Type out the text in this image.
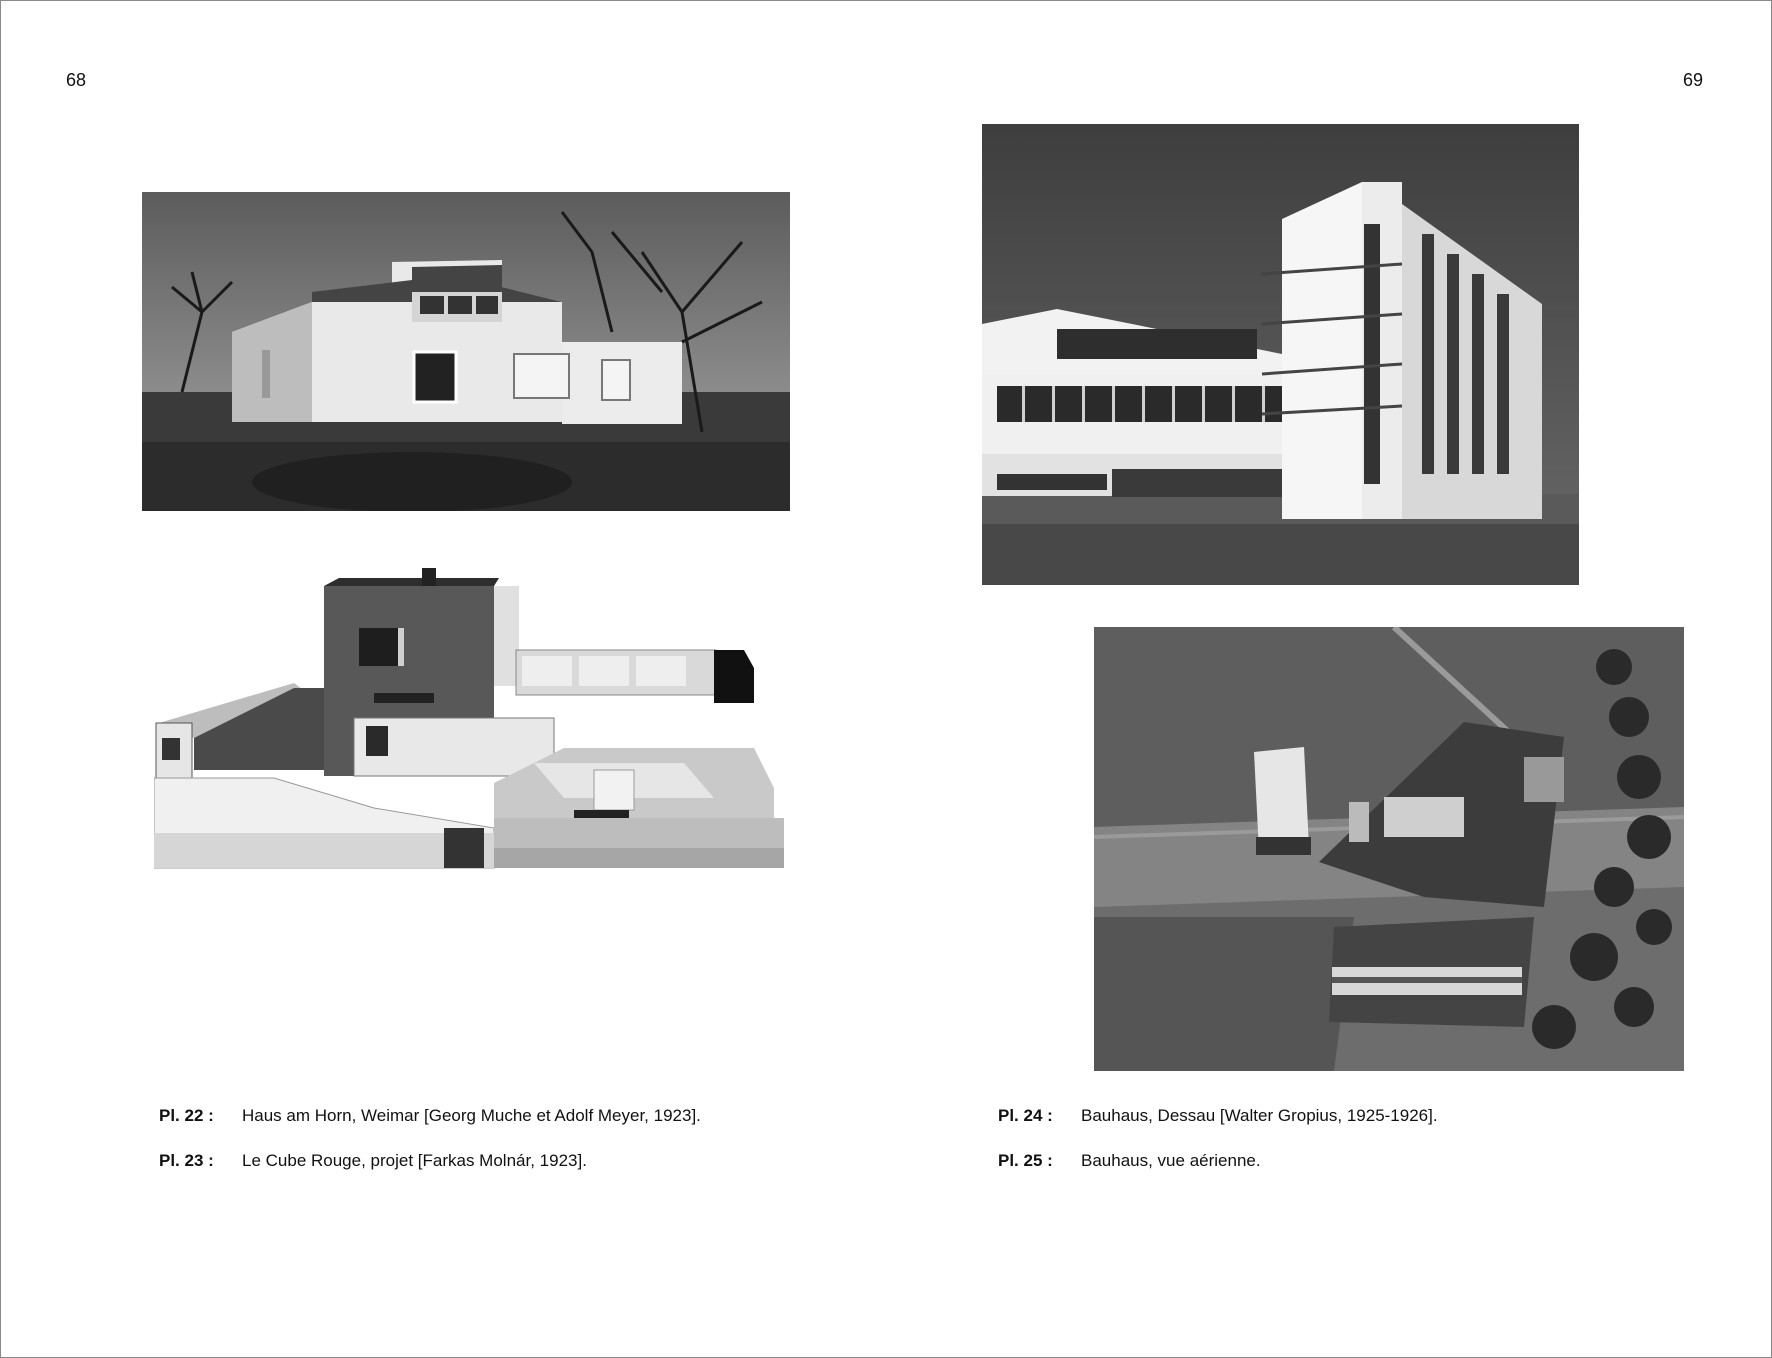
68	69
Pl. 22 : Haus am Horn, Weimar [Georg Muche et Adolf Meyer, 1923].
Pl. 23 : Le Cube Rouge, projet [Farkas Molnár, 1923].
Pl. 24 : Bauhaus, Dessau [Walter Gropius, 1925-1926].
Pl. 25 : Bauhaus, vue aérienne.
